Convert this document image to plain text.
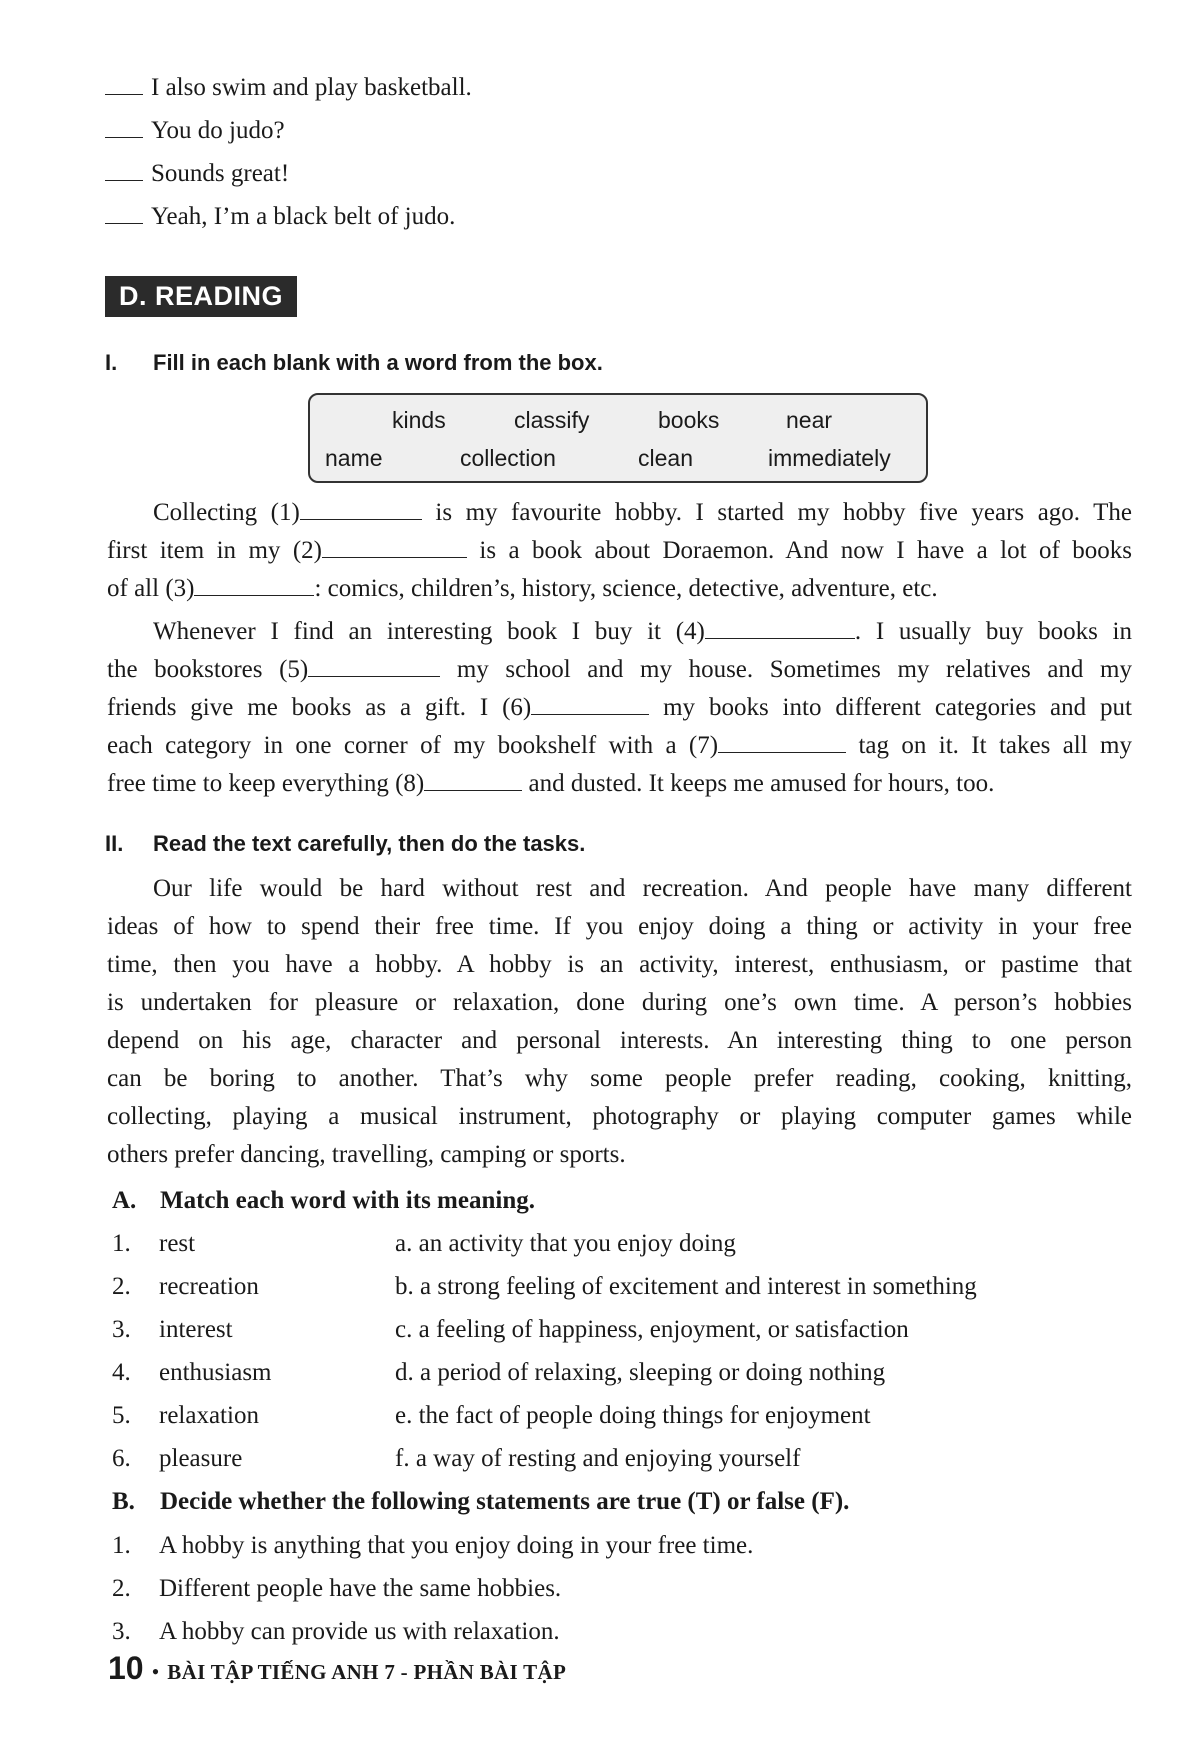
I also swim and play basketball.
You do judo?
Sounds great!
Yeah, I’m a black belt of judo.
D. READING
I. Fill in each blank with a word from the box.
kinds	classify	books	near
name	collection	clean	immediately
Collecting (1)	is my favourite hobby. I started my hobby five years ago. The
first item in my (2)	is a book about Doraemon. And now I have a lot of books
of all (3)	: comics, children’s, history, science, detective, adventure, etc.
Whenever I find an interesting book I buy it (4)	. I usually buy books in
the bookstores (5)	my school and my house. Sometimes my relatives and my
friends give me books as a gift. I (6)	my books into different categories and put
each category in one corner of my bookshelf with a (7)	tag on it. It takes all my
free time to keep everything (8)	and dusted. It keeps me amused for hours, too.
II. Read the text carefully, then do the tasks.
Our life would be hard without rest and recreation. And people have many different
ideas of how to spend their free time. If you enjoy doing a thing or activity in your free
time, then you have a hobby. A hobby is an activity, interest, enthusiasm, or pastime that
is undertaken for pleasure or relaxation, done during one’s own time. A person’s hobbies
depend on his age, character and personal interests. An interesting thing to one person
can be boring to another. That’s why some people prefer reading, cooking, knitting,
collecting, playing a musical instrument, photography or playing computer games while
others prefer dancing, travelling, camping or sports.
A. Match each word with its meaning.
1. rest	a. an activity that you enjoy doing
2. recreation	b. a strong feeling of excitement and interest in something
3. interest	c. a feeling of happiness, enjoyment, or satisfaction
4. enthusiasm	d. a period of relaxing, sleeping or doing nothing
5. relaxation	e. the fact of people doing things for enjoyment
6. pleasure	f. a way of resting and enjoying yourself
B. Decide whether the following statements are true (T) or false (F).
1. A hobby is anything that you enjoy doing in your free time.
2. Different people have the same hobbies.
3. A hobby can provide us with relaxation.
10 • BÀI TẬP TIẾNG ANH 7 - PHẦN BÀI TẬP
